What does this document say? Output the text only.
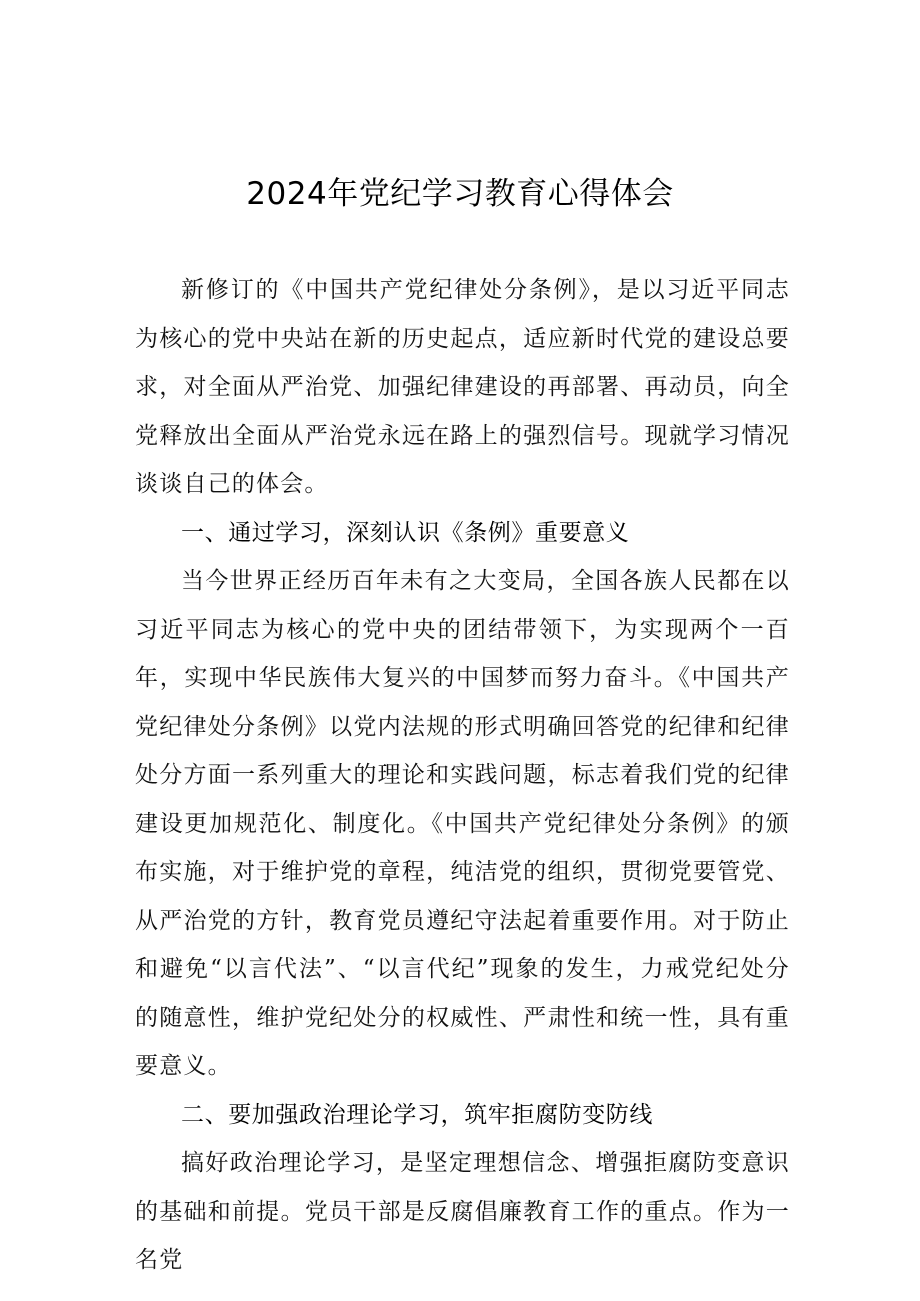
2024年党纪学习教育心得体会

新修订的《中国共产党纪律处分条例》，是以习近平同志为核心的党中央站在新的历史起点，适应新时代党的建设总要求，对全面从严治党、加强纪律建设的再部署、再动员，向全党释放出全面从严治党永远在路上的强烈信号。现就学习情况谈谈自己的体会。

一、通过学习，深刻认识《条例》重要意义

当今世界正经历百年未有之大变局，全国各族人民都在以习近平同志为核心的党中央的团结带领下，为实现两个一百年，实现中华民族伟大复兴的中国梦而努力奋斗。《中国共产党纪律处分条例》以党内法规的形式明确回答党的纪律和纪律处分方面一系列重大的理论和实践问题，标志着我们党的纪律建设更加规范化、制度化。《中国共产党纪律处分条例》的颁布实施，对于维护党的章程，纯洁党的组织，贯彻党要管党、从严治党的方针，教育党员遵纪守法起着重要作用。对于防止和避免“以言代法”、“以言代纪”现象的发生，力戒党纪处分的随意性，维护党纪处分的权威性、严肃性和统一性，具有重要意义。

二、要加强政治理论学习，筑牢拒腐防变防线

搞好政治理论学习，是坚定理想信念、增强拒腐防变意识的基础和前提。党员干部是反腐倡廉教育工作的重点。作为一名党
